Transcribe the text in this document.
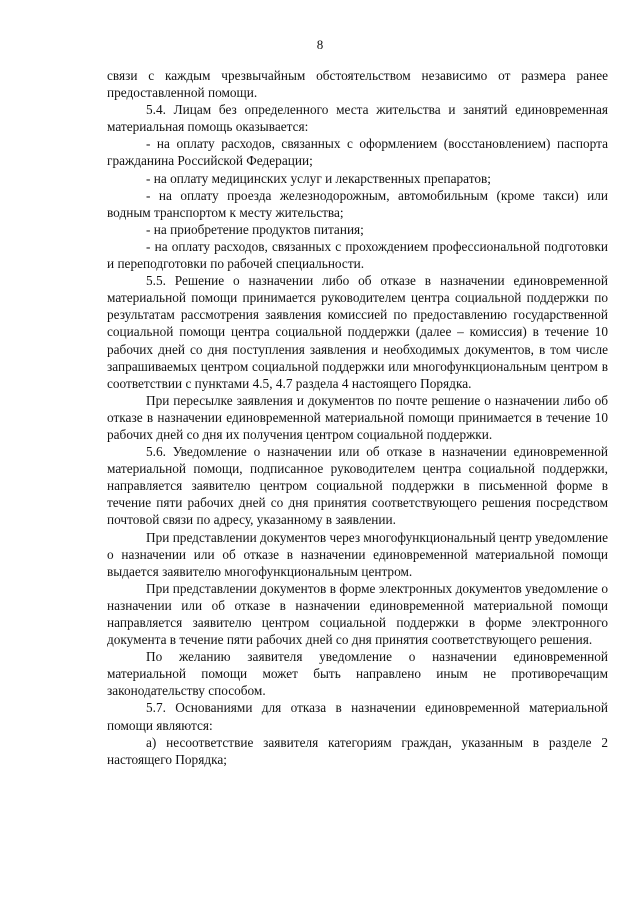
8

связи с каждым чрезвычайным обстоятельством независимо от размера ранее предоставленной помощи.

5.4. Лицам без определенного места жительства и занятий единовременная материальная помощь оказывается:

- на оплату расходов, связанных с оформлением (восстановлением) паспорта гражданина Российской Федерации;

- на оплату медицинских услуг и лекарственных препаратов;

- на оплату проезда железнодорожным, автомобильным (кроме такси) или водным транспортом к месту жительства;

- на приобретение продуктов питания;

- на оплату расходов, связанных с прохождением профессиональной подготовки и переподготовки по рабочей специальности.

5.5. Решение о назначении либо об отказе в назначении единовременной материальной помощи принимается руководителем центра социальной поддержки по результатам рассмотрения заявления комиссией по предоставлению государственной социальной помощи центра социальной поддержки (далее – комиссия) в течение 10 рабочих дней со дня поступления заявления и необходимых документов, в том числе запрашиваемых центром социальной поддержки или многофункциональным центром в соответствии с пунктами 4.5, 4.7 раздела 4 настоящего Порядка.

При пересылке заявления и документов по почте решение о назначении либо об отказе в назначении единовременной материальной помощи принимается в течение 10 рабочих дней со дня их получения центром социальной поддержки.

5.6. Уведомление о назначении или об отказе в назначении единовременной материальной помощи, подписанное руководителем центра социальной поддержки, направляется заявителю центром социальной поддержки в письменной форме в течение пяти рабочих дней со дня принятия соответствующего решения посредством почтовой связи по адресу, указанному в заявлении.

При представлении документов через многофункциональный центр уведомление о назначении или об отказе в назначении единовременной материальной помощи выдается заявителю многофункциональным центром.

При представлении документов в форме электронных документов уведомление о назначении или об отказе в назначении единовременной материальной помощи направляется заявителю центром социальной поддержки в форме электронного документа в течение пяти рабочих дней со дня принятия соответствующего решения.

По желанию заявителя уведомление о назначении единовременной материальной помощи может быть направлено иным не противоречащим законодательству способом.

5.7. Основаниями для отказа в назначении единовременной материальной помощи являются:

а) несоответствие заявителя категориям граждан, указанным в разделе 2 настоящего Порядка;
